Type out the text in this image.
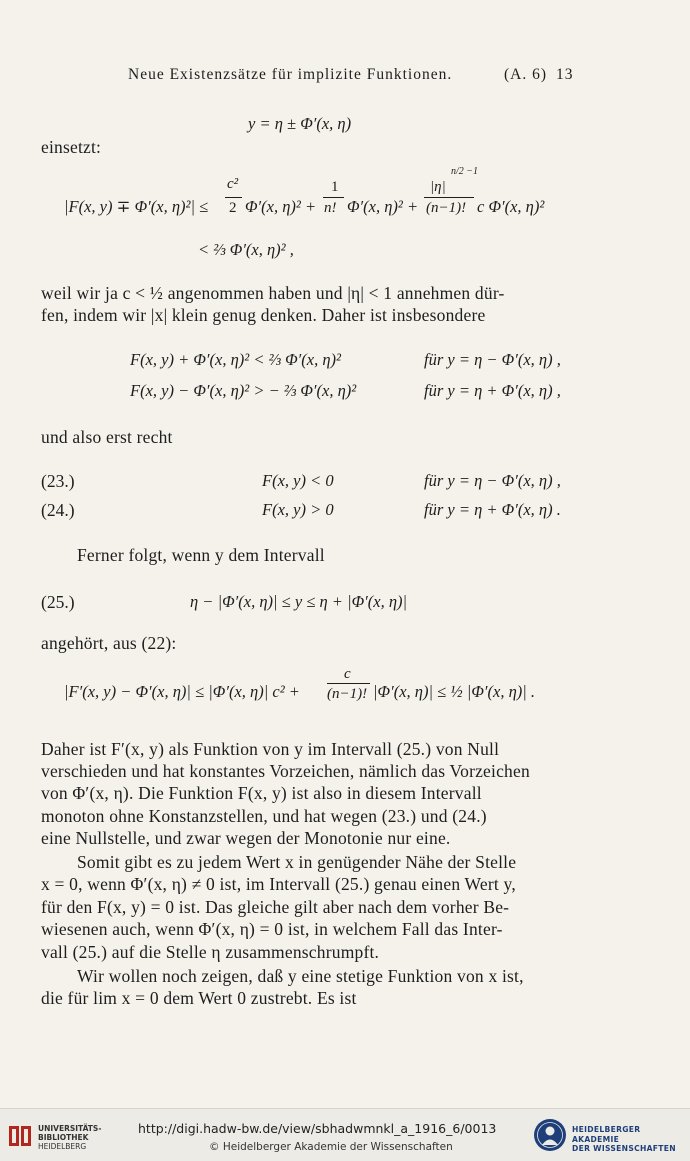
Neue Existenzsätze für implizite Funktionen.	(A. 6) 13
y = η ± Φ′(x, η)
einsetzt:
|F(x, y) ∓ Φ′(x, η)²| ≤
c²
2 Φ′(x, η)² +
1
n! Φ′(x, η)² +
|η|
n/2 −1
(n−1)! c Φ′(x, η)²
< ⅔ Φ′(x, η)² ,
weil wir ja c < ½ angenommen haben und |η| < 1 annehmen dür-
fen, indem wir |x| klein genug denken. Daher ist insbesondere
F(x, y) + Φ′(x, η)² < ⅔ Φ′(x, η)²	für y = η − Φ′(x, η) ,
F(x, y) − Φ′(x, η)² > − ⅔ Φ′(x, η)²	für y = η + Φ′(x, η) ,
und also erst recht
(23.)	F(x, y) < 0	für y = η − Φ′(x, η) ,
(24.)	F(x, y) > 0	für y = η + Φ′(x, η) .
Ferner folgt, wenn y dem Intervall
(25.)	η − |Φ′(x, η)| ≤ y ≤ η + |Φ′(x, η)|
angehört, aus (22):
|F′(x, y) − Φ′(x, η)| ≤ |Φ′(x, η)| c² +
c
(n−1)! |Φ′(x, η)| ≤ ½ |Φ′(x, η)| .
Daher ist F′(x, y) als Funktion von y im Intervall (25.) von Null
verschieden und hat konstantes Vorzeichen, nämlich das Vorzeichen
von Φ′(x, η). Die Funktion F(x, y) ist also in diesem Intervall
monoton ohne Konstanzstellen, und hat wegen (23.) und (24.)
eine Nullstelle, und zwar wegen der Monotonie nur eine.
Somit gibt es zu jedem Wert x in genügender Nähe der Stelle
x = 0, wenn Φ′(x, η) ≠ 0 ist, im Intervall (25.) genau einen Wert y,
für den F(x, y) = 0 ist. Das gleiche gilt aber nach dem vorher Be-
wiesenen auch, wenn Φ′(x, η) = 0 ist, in welchem Fall das Inter-
vall (25.) auf die Stelle η zusammenschrumpft.
Wir wollen noch zeigen, daß y eine stetige Funktion von x ist,
die für lim x = 0 dem Wert 0 zustrebt. Es ist
UNIVERSITÄTS-
BIBLIOTHEK
HEIDELBERG
http://digi.hadw-bw.de/view/sbhadwmnkl_a_1916_6/0013
© Heidelberger Akademie der Wissenschaften
HEIDELBERGER AKADEMIE
DER WISSENSCHAFTEN
